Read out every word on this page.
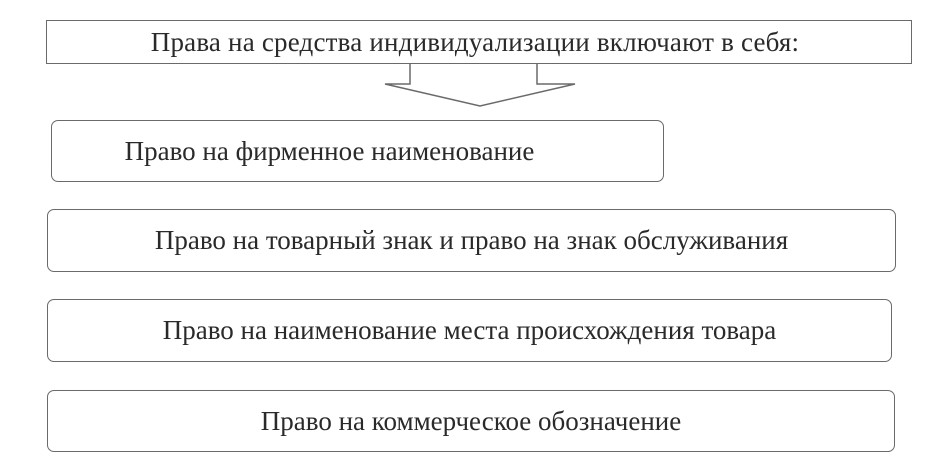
Права на средства индивидуализации включают в себя:
Право на фирменное наименование
Право на товарный знак и право на знак обслуживания
Право на наименование места происхождения товара
Право на коммерческое обозначение
